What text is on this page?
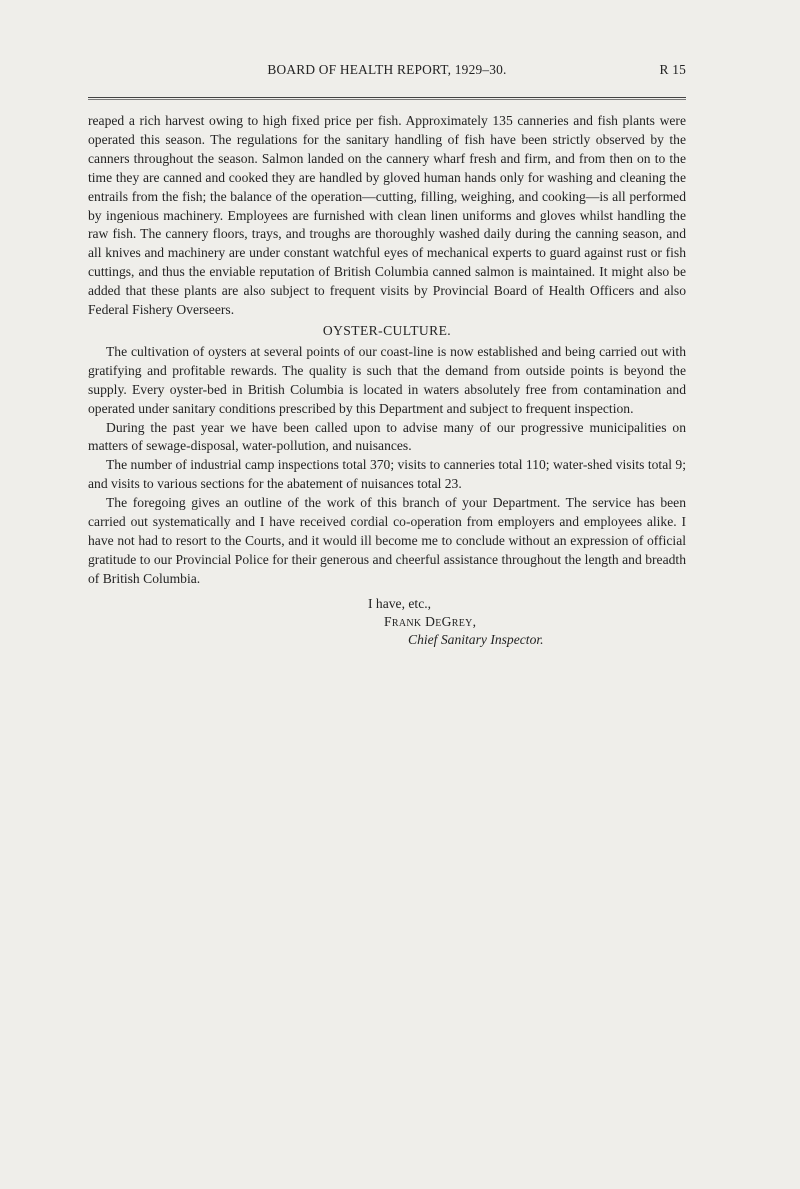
BOARD OF HEALTH REPORT, 1929–30.	R 15

reaped a rich harvest owing to high fixed price per fish. Approximately 135 canneries and fish plants were operated this season. The regulations for the sanitary handling of fish have been strictly observed by the canners throughout the season. Salmon landed on the cannery wharf fresh and firm, and from then on to the time they are canned and cooked they are handled by gloved human hands only for washing and cleaning the entrails from the fish; the balance of the operation—cutting, filling, weighing, and cooking—is all performed by ingenious machinery. Employees are furnished with clean linen uniforms and gloves whilst handling the raw fish. The cannery floors, trays, and troughs are thoroughly washed daily during the canning season, and all knives and machinery are under constant watchful eyes of mechanical experts to guard against rust or fish cuttings, and thus the enviable reputation of British Columbia canned salmon is maintained. It might also be added that these plants are also subject to frequent visits by Provincial Board of Health Officers and also Federal Fishery Overseers.

OYSTER-CULTURE.

The cultivation of oysters at several points of our coast-line is now established and being carried out with gratifying and profitable rewards. The quality is such that the demand from outside points is beyond the supply. Every oyster-bed in British Columbia is located in waters absolutely free from contamination and operated under sanitary conditions prescribed by this Department and subject to frequent inspection.

During the past year we have been called upon to advise many of our progressive municipalities on matters of sewage-disposal, water-pollution, and nuisances.

The number of industrial camp inspections total 370; visits to canneries total 110; water-shed visits total 9; and visits to various sections for the abatement of nuisances total 23.

The foregoing gives an outline of the work of this branch of your Department. The service has been carried out systematically and I have received cordial co-operation from employers and employees alike. I have not had to resort to the Courts, and it would ill become me to conclude without an expression of official gratitude to our Provincial Police for their generous and cheerful assistance throughout the length and breadth of British Columbia.

I have, etc.,
Frank DeGrey,
Chief Sanitary Inspector.
